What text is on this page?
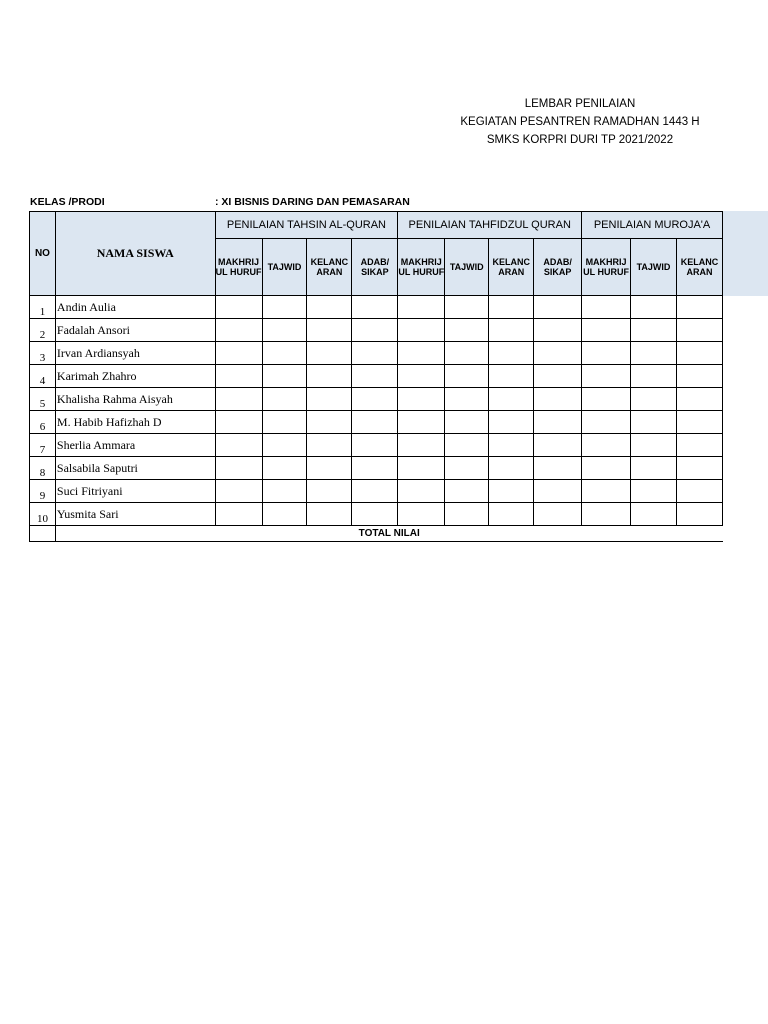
LEMBAR PENILAIAN
KEGIATAN PESANTREN RAMADHAN 1443 H
SMKS KORPRI DURI TP 2021/2022
KELAS /PRODI	: XI BISNIS DARING DAN PEMASARAN
NO	NAMA SISWA	PENILAIAN TAHSIN AL-QURAN				PENILAIAN TAHFIDZUL QURAN				PENILAIAN MUROJA'A		
		MAKHRIJ UL HURUF	TAJWID	KELANC ARAN	ADAB/ SIKAP	MAKHRIJ UL HURUF	TAJWID	KELANC ARAN	ADAB/ SIKAP	MAKHRIJ UL HURUF	TAJWID	KELANC ARAN
1	Andin Aulia											
2	Fadalah Ansori											
3	Irvan Ardiansyah											
4	Karimah Zhahro											
5	Khalisha Rahma Aisyah											
6	M. Habib Hafizhah D											
7	Sherlia Ammara											
8	Salsabila Saputri											
9	Suci Fitriyani											
10	Yusmita Sari											
	TOTAL NILAI											
